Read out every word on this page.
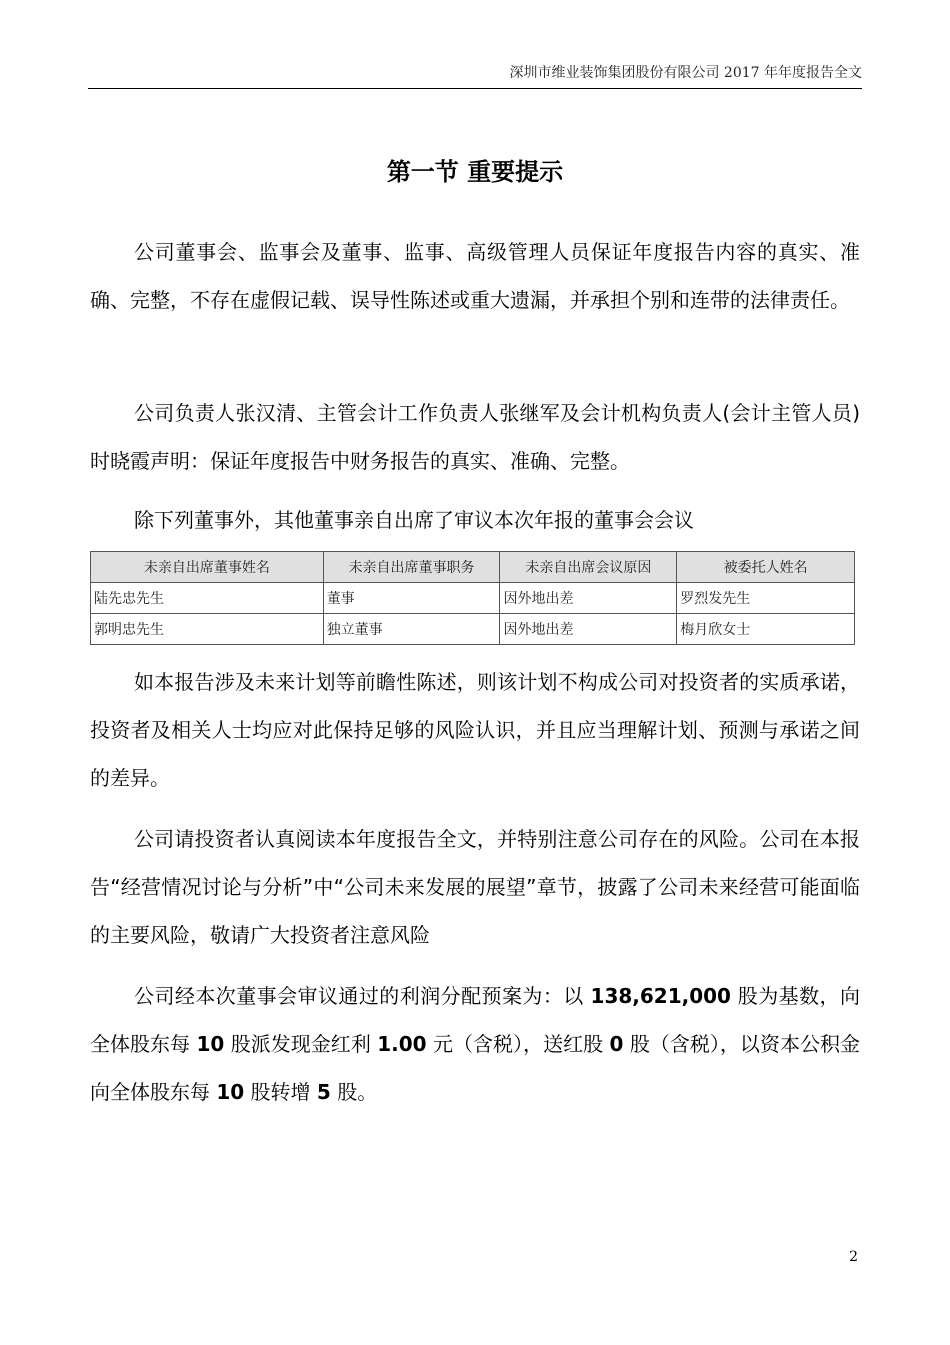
深圳市维业装饰集团股份有限公司 2017 年年度报告全文
第一节 重要提示

公司董事会、监事会及董事、监事、高级管理人员保证年度报告内容的真实、准确、完整，不存在虚假记载、误导性陈述或重大遗漏，并承担个别和连带的法律责任。

公司负责人张汉清、主管会计工作负责人张继军及会计机构负责人(会计主管人员)时晓霞声明：保证年度报告中财务报告的真实、准确、完整。

除下列董事外，其他董事亲自出席了审议本次年报的董事会会议

未亲自出席董事姓名	未亲自出席董事职务	未亲自出席会议原因	被委托人姓名
陆先忠先生	董事	因外地出差	罗烈发先生
郭明忠先生	独立董事	因外地出差	梅月欣女士

如本报告涉及未来计划等前瞻性陈述，则该计划不构成公司对投资者的实质承诺，投资者及相关人士均应对此保持足够的风险认识，并且应当理解计划、预测与承诺之间的差异。

公司请投资者认真阅读本年度报告全文，并特别注意公司存在的风险。公司在本报告“经营情况讨论与分析”中“公司未来发展的展望”章节，披露了公司未来经营可能面临的主要风险，敬请广大投资者注意风险

公司经本次董事会审议通过的利润分配预案为：以 138,621,000 股为基数，向全体股东每 10 股派发现金红利 1.00 元（含税），送红股 0 股（含税），以资本公积金向全体股东每 10 股转增 5 股。

2
